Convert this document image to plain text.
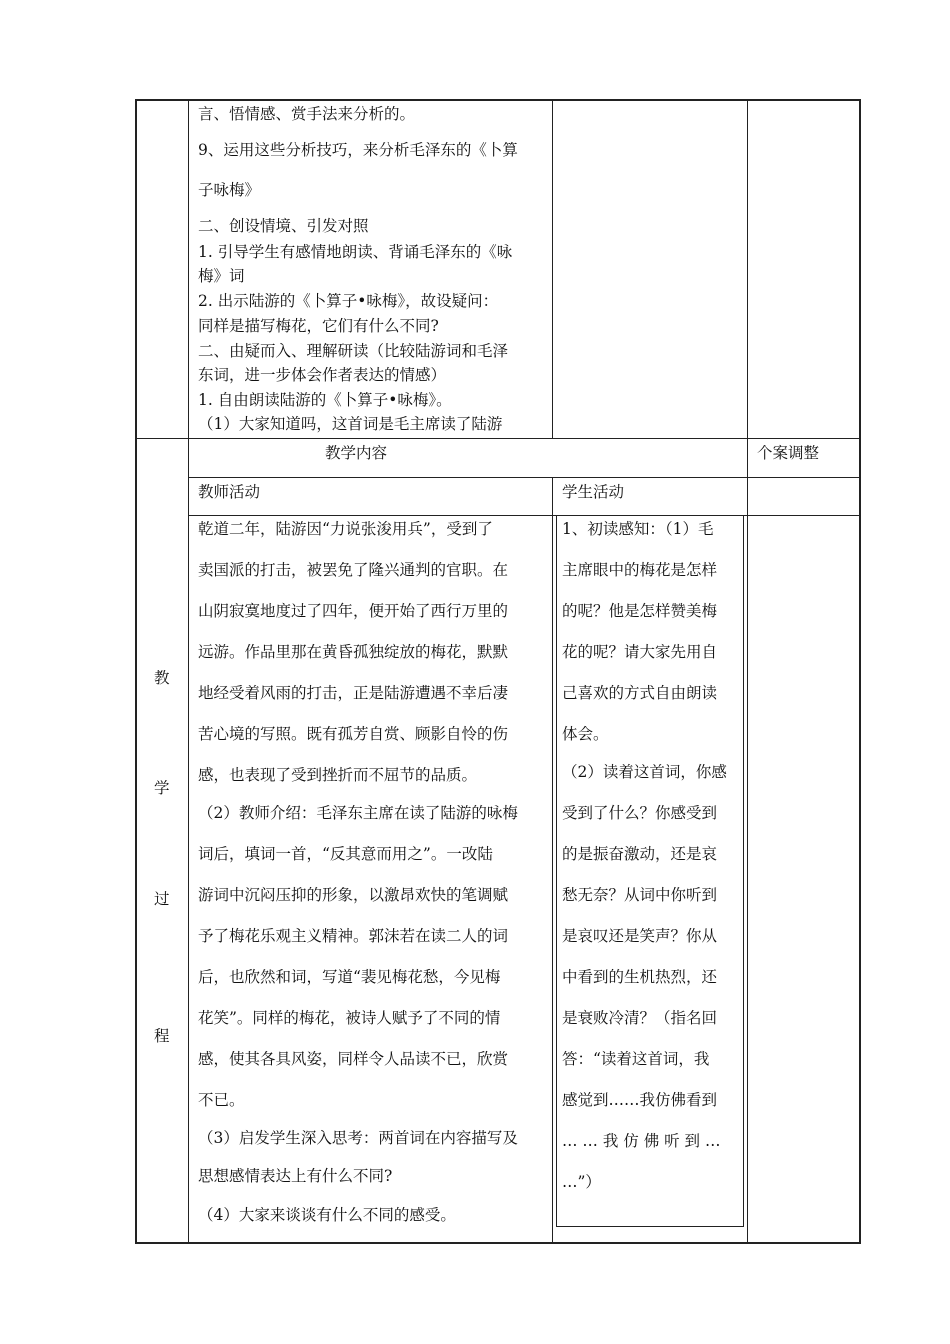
言、悟情感、赏手法来分析的。
9、运用这些分析技巧，来分析毛泽东的《卜算
子咏梅》
二、创设情境、引发对照
1. 引导学生有感情地朗读、背诵毛泽东的《咏
梅》词
2. 出示陆游的《卜算子•咏梅》，故设疑问：
同样是描写梅花，它们有什么不同?
二、由疑而入、理解研读（比较陆游词和毛泽
东词，进一步体会作者表达的情感）
1. 自由朗读陆游的《卜算子•咏梅》。
（1）大家知道吗，这首词是毛主席读了陆游
教学内容	个案调整
教师活动	学生活动
教
学
过
程
乾道二年，陆游因“力说张浚用兵”，受到了
卖国派的打击，被罢免了隆兴通判的官职。在
山阴寂寞地度过了四年，便开始了西行万里的
远游。作品里那在黄昏孤独绽放的梅花，默默
地经受着风雨的打击，正是陆游遭遇不幸后凄
苦心境的写照。既有孤芳自赏、顾影自怜的伤
感，也表现了受到挫折而不屈节的品质。
（2）教师介绍：毛泽东主席在读了陆游的咏梅
词后，填词一首，“反其意而用之”。一改陆
游词中沉闷压抑的形象，以激昂欢快的笔调赋
予了梅花乐观主义精神。郭沫若在读二人的词
后，也欣然和词，写道“裴见梅花愁，今见梅
花笑”。同样的梅花，被诗人赋予了不同的情
感，使其各具风姿，同样令人品读不已，欣赏
不已。
（3）启发学生深入思考：两首词在内容描写及
思想感情表达上有什么不同?
（4）大家来谈谈有什么不同的感受。
1、初读感知：（1）毛
主席眼中的梅花是怎样
的呢？他是怎样赞美梅
花的呢？请大家先用自
己喜欢的方式自由朗读
体会。
（2）读着这首词，你感
受到了什么？你感受到
的是振奋激动，还是哀
愁无奈？从词中你听到
是哀叹还是笑声？你从
中看到的生机热烈，还
是衰败冷清？（指名回
答：“读着这首词，我
感觉到……我仿佛看到
… … 我 仿 佛 听 到 …
…”）
